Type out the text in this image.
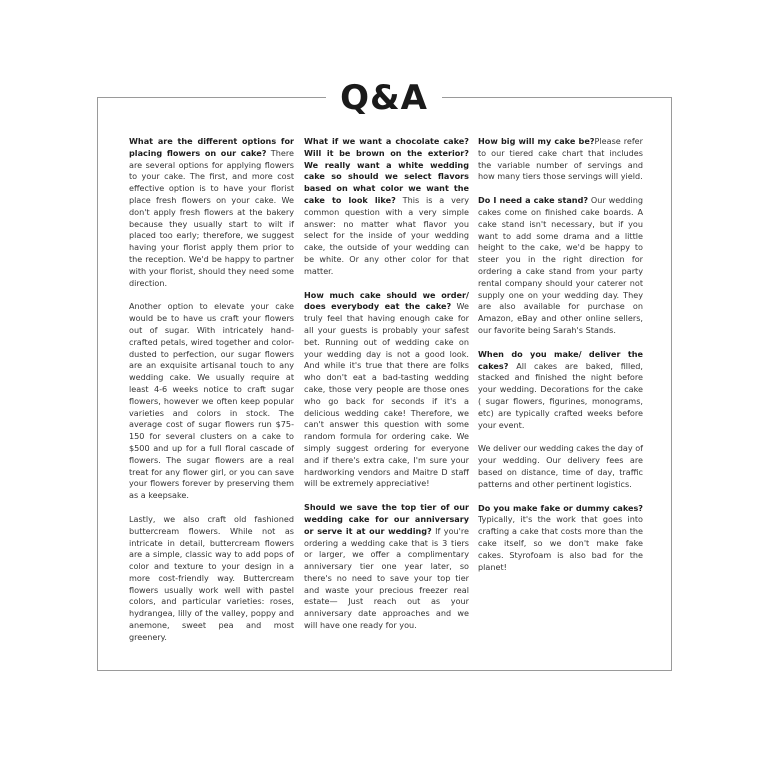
Q&A

What are the different options for placing flowers on our cake? There are several options for applying flowers to your cake. The first, and more cost effective option is to have your florist place fresh flowers on your cake. We don't apply fresh flowers at the bakery because they usually start to wilt if placed too early; therefore, we suggest having your florist apply them prior to the reception. We'd be happy to partner with your florist, should they need some direction.

Another option to elevate your cake would be to have us craft your flowers out of sugar. With intricately hand-crafted petals, wired together and color-dusted to perfection, our sugar flowers are an exquisite artisanal touch to any wedding cake. We usually require at least 4-6 weeks notice to craft sugar flowers, however we often keep popular varieties and colors in stock. The average cost of sugar flowers run $75-150 for several clusters on a cake to $500 and up for a full floral cascade of flowers. The sugar flowers are a real treat for any flower girl, or you can save your flowers forever by preserving them as a keepsake.

Lastly, we also craft old fashioned buttercream flowers. While not as intricate in detail, buttercream flowers are a simple, classic way to add pops of color and texture to your design in a more cost-friendly way. Buttercream flowers usually work well with pastel colors, and particular varieties: roses, hydrangea, lilly of the valley, poppy and anemone, sweet pea and most greenery.

What if we want a chocolate cake? Will it be brown on the exterior? We really want a white wedding cake so should we select flavors based on what color we want the cake to look like? This is a very common question with a very simple answer: no matter what flavor you select for the inside of your wedding cake, the outside of your wedding can be white. Or any other color for that matter.

How much cake should we order/ does everybody eat the cake? We truly feel that having enough cake for all your guests is probably your safest bet. Running out of wedding cake on your wedding day is not a good look. And while it's true that there are folks who don't eat a bad-tasting wedding cake, those very people are those ones who go back for seconds if it's a delicious wedding cake! Therefore, we can't answer this question with some random formula for ordering cake. We simply suggest ordering for everyone and if there's extra cake, I'm sure your hardworking vendors and Maitre D staff will be extremely appreciative!

Should we save the top tier of our wedding cake for our anniversary or serve it at our wedding? If you're ordering a wedding cake that is 3 tiers or larger, we offer a complimentary anniversary tier one year later, so there's no need to save your top tier and waste your precious freezer real estate— Just reach out as your anniversary date approaches and we will have one ready for you.

How big will my cake be?Please refer to our tiered cake chart that includes the variable number of servings and how many tiers those servings will yield.

Do I need a cake stand? Our wedding cakes come on finished cake boards. A cake stand isn't necessary, but if you want to add some drama and a little height to the cake, we'd be happy to steer you in the right direction for ordering a cake stand from your party rental company should your caterer not supply one on your wedding day. They are also available for purchase on Amazon, eBay and other online sellers, our favorite being Sarah's Stands.

When do you make/ deliver the cakes? All cakes are baked, filled, stacked and finished the night before your wedding. Decorations for the cake ( sugar flowers, figurines, monograms, etc) are typically crafted weeks before your event.

We deliver our wedding cakes the day of your wedding. Our delivery fees are based on distance, time of day, traffic patterns and other pertinent logistics.

Do you make fake or dummy cakes? Typically, it's the work that goes into crafting a cake that costs more than the cake itself, so we don't make fake cakes. Styrofoam is also bad for the planet!
